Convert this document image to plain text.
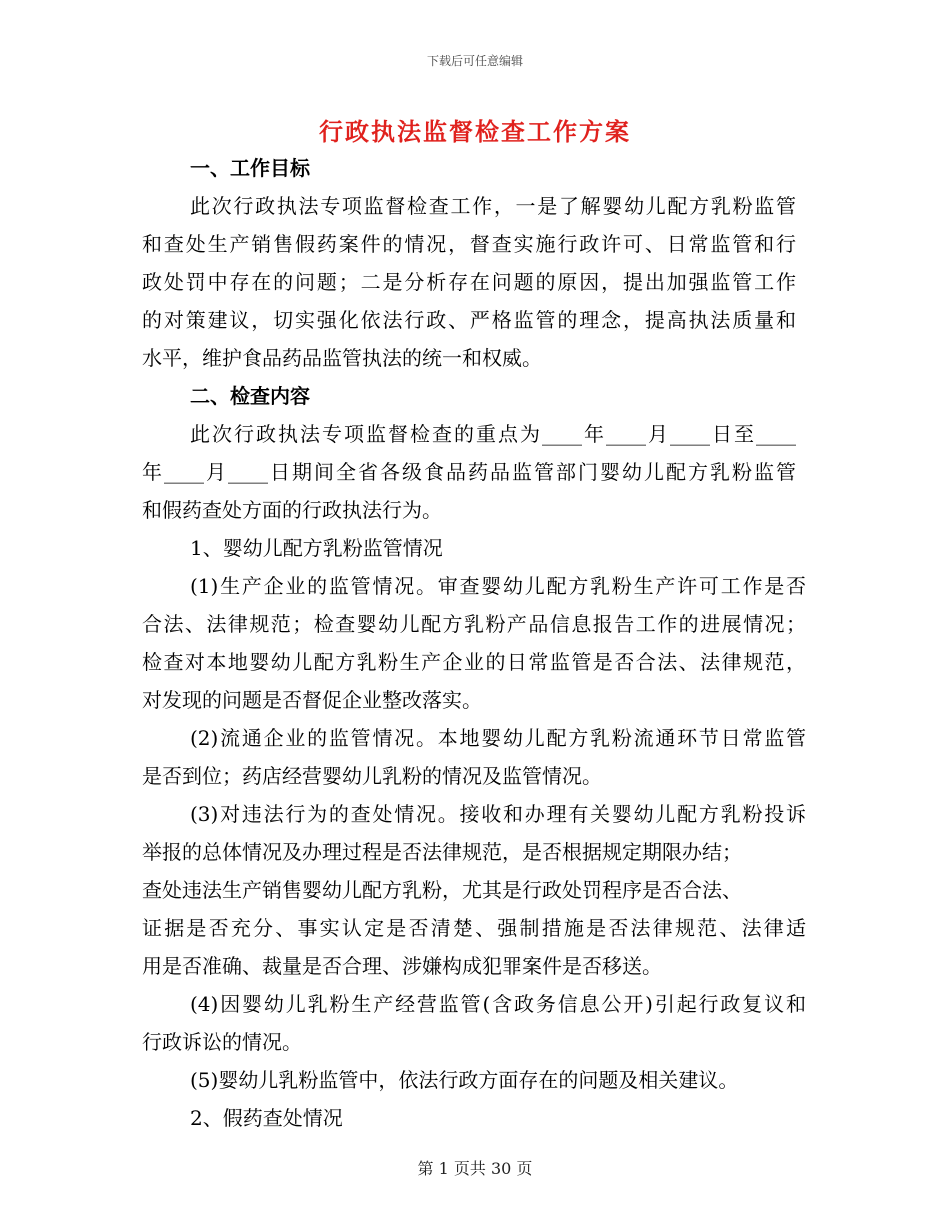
下载后可任意编辑
行政执法监督检查工作方案
一、工作目标
此次行政执法专项监督检查工作，一是了解婴幼儿配方乳粉监管
和查处生产销售假药案件的情况，督查实施行政许可、日常监管和行
政处罚中存在的问题；二是分析存在问题的原因，提出加强监管工作
的对策建议，切实强化依法行政、严格监管的理念，提高执法质量和
水平，维护食品药品监管执法的统一和权威。
二、检查内容
此次行政执法专项监督检查的重点为____年____月____日至____
年____月____日期间全省各级食品药品监管部门婴幼儿配方乳粉监管
和假药查处方面的行政执法行为。
1、婴幼儿配方乳粉监管情况
(1)生产企业的监管情况。审查婴幼儿配方乳粉生产许可工作是否
合法、法律规范；检查婴幼儿配方乳粉产品信息报告工作的进展情况；
检查对本地婴幼儿配方乳粉生产企业的日常监管是否合法、法律规范，
对发现的问题是否督促企业整改落实。
(2)流通企业的监管情况。本地婴幼儿配方乳粉流通环节日常监管
是否到位；药店经营婴幼儿乳粉的情况及监管情况。
(3)对违法行为的查处情况。接收和办理有关婴幼儿配方乳粉投诉
举报的总体情况及办理过程是否法律规范，是否根据规定期限办结；
查处违法生产销售婴幼儿配方乳粉，尤其是行政处罚程序是否合法、
证据是否充分、事实认定是否清楚、强制措施是否法律规范、法律适
用是否准确、裁量是否合理、涉嫌构成犯罪案件是否移送。
(4)因婴幼儿乳粉生产经营监管(含政务信息公开)引起行政复议和
行政诉讼的情况。
(5)婴幼儿乳粉监管中，依法行政方面存在的问题及相关建议。
2、假药查处情况
第 1 页共 30 页
